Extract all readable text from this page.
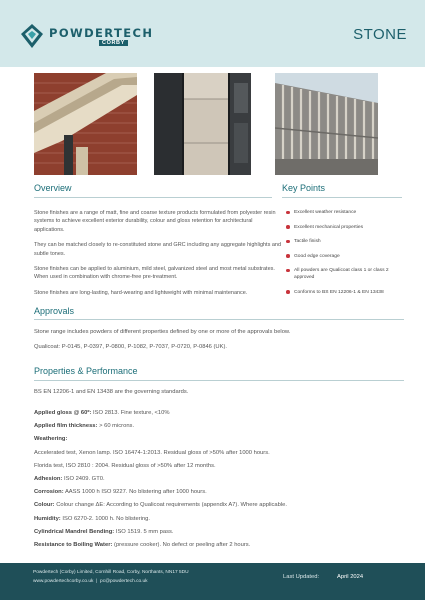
POWDERTECH
CORBY	STONE
Overview

Stone finishes are a range of matt, fine and coarse texture products formulated from polyester resin systems to achieve excellent exterior durability, colour and gloss retention for architectural applications.

They can be matched closely to re-constituted stone and GRC including any aggregate highlights and subtle tones.

Stone finishes can be applied to aluminium, mild steel, galvanized steel and most metal substrates. When used in combination with chrome-free pre-treatment.

Stone finishes are long-lasting, hard-wearing and lightweight with minimal maintenance.

Key Points
Excellent weather resistance
Excellent mechanical properties
Tactile finish
Good edge coverage
All powders are Qualicoat class 1 or class 2 approved
Conforms to BS EN 12206-1 & EN 13438
Approvals

Stone range includes powders of different properties defined by one or more of the approvals below.

Qualicoat: P-0145, P-0397, P-0800, P-1082, P-7037, P-0720, P-0846 (UK).

Properties & Performance
BS EN 12206-1 and EN 13438 are the governing standards.
Applied gloss @ 60º: ISO 2813. Fine texture, <10%
Applied film thickness: > 60 microns.
Weathering:
Accelerated test, Xenon lamp. ISO 16474-1:2013. Residual gloss of >50% after 1000 hours.
Florida test, ISO 2810 : 2004. Residual gloss of >50% after 12 months.
Adhesion: ISO 2409. GT0.
Corrosion: AASS 1000 h ISO 9227. No blistering after 1000 hours.
Colour: Colour change ΔE: According to Qualicoat requirements (appendix A7). Where applicable.
Humidity: ISO 6270-2. 1000 h. No blistering.
Cylindrical Mandrel Bending: ISO 1519. 5 mm pass.
Resistance to Boiling Water: (pressure cooker). No defect or peeling after 2 hours.
Powdertech (Corby) Limited, Cornhill Road, Corby, Northants, NN17 5DU
www.powdertechcorby.co.uk | pc@powdertech.co.uk
Last Updated:	April 2024
